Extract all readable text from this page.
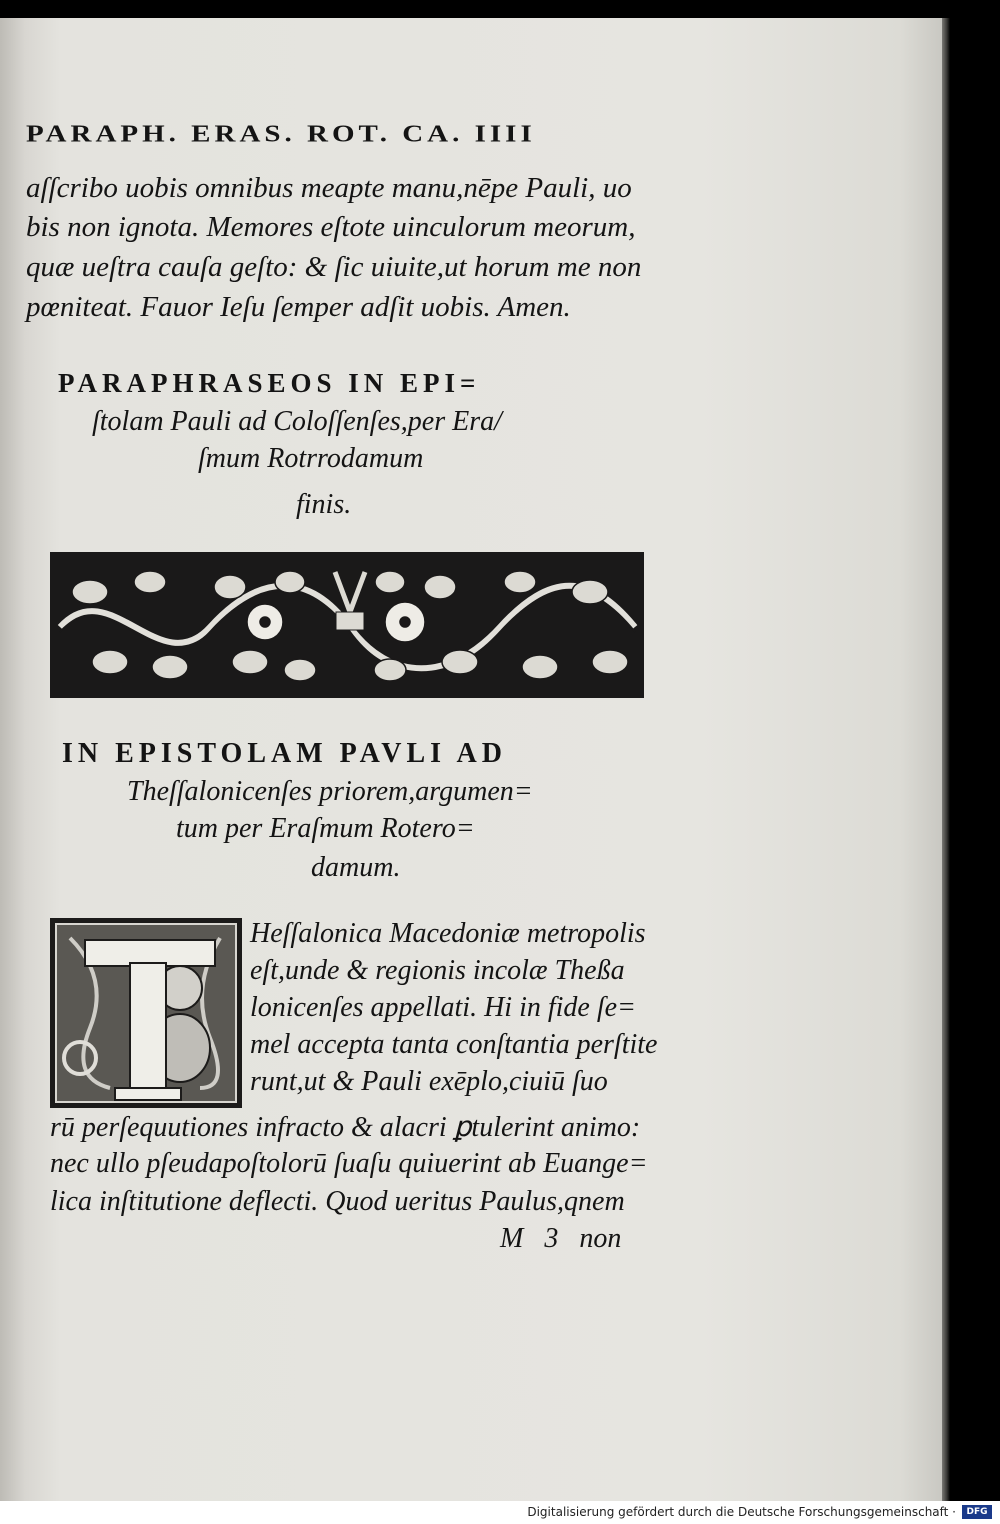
PARAPH. ERAS. ROT. CA. IIII
aſſcribo uobis omnibus meapte manu,nēpe Pauli, uo
bis non ignota. Memores eſtote uinculorum meorum,
quæ ueſtra cauſa geſto: & ſic uiuite,ut horum me non
pœniteat. Fauor Ieſu ſemper adſit uobis. Amen.
PARAPHRASEOS IN EPI=
ſtolam Pauli ad Coloſſenſes,per Era/
ſmum Rotrrodamum
finis.
IN EPISTOLAM PAVLI AD
Theſſalonicenſes priorem,argumen=
tum per Eraſmum Rotero=
damum.
Heſſalonica Macedoniæ metropolis
eſt,unde & regionis incolæ Theßa
lonicenſes appellati. Hi in fide ſe=
mel accepta tanta conſtantia perſtite
runt,ut & Pauli exēplo,ciuiū ſuo
rū perſequutiones infracto & alacri ꝑtulerint animo:
nec ullo pſeudapoſtolorū ſuaſu quiuerint ab Euange=
lica inſtitutione deflecti. Quod ueritus Paulus,qnem
M   3   non
Digitalisierung gefördert durch die Deutsche Forschungsgemeinschaft ·	DFG
